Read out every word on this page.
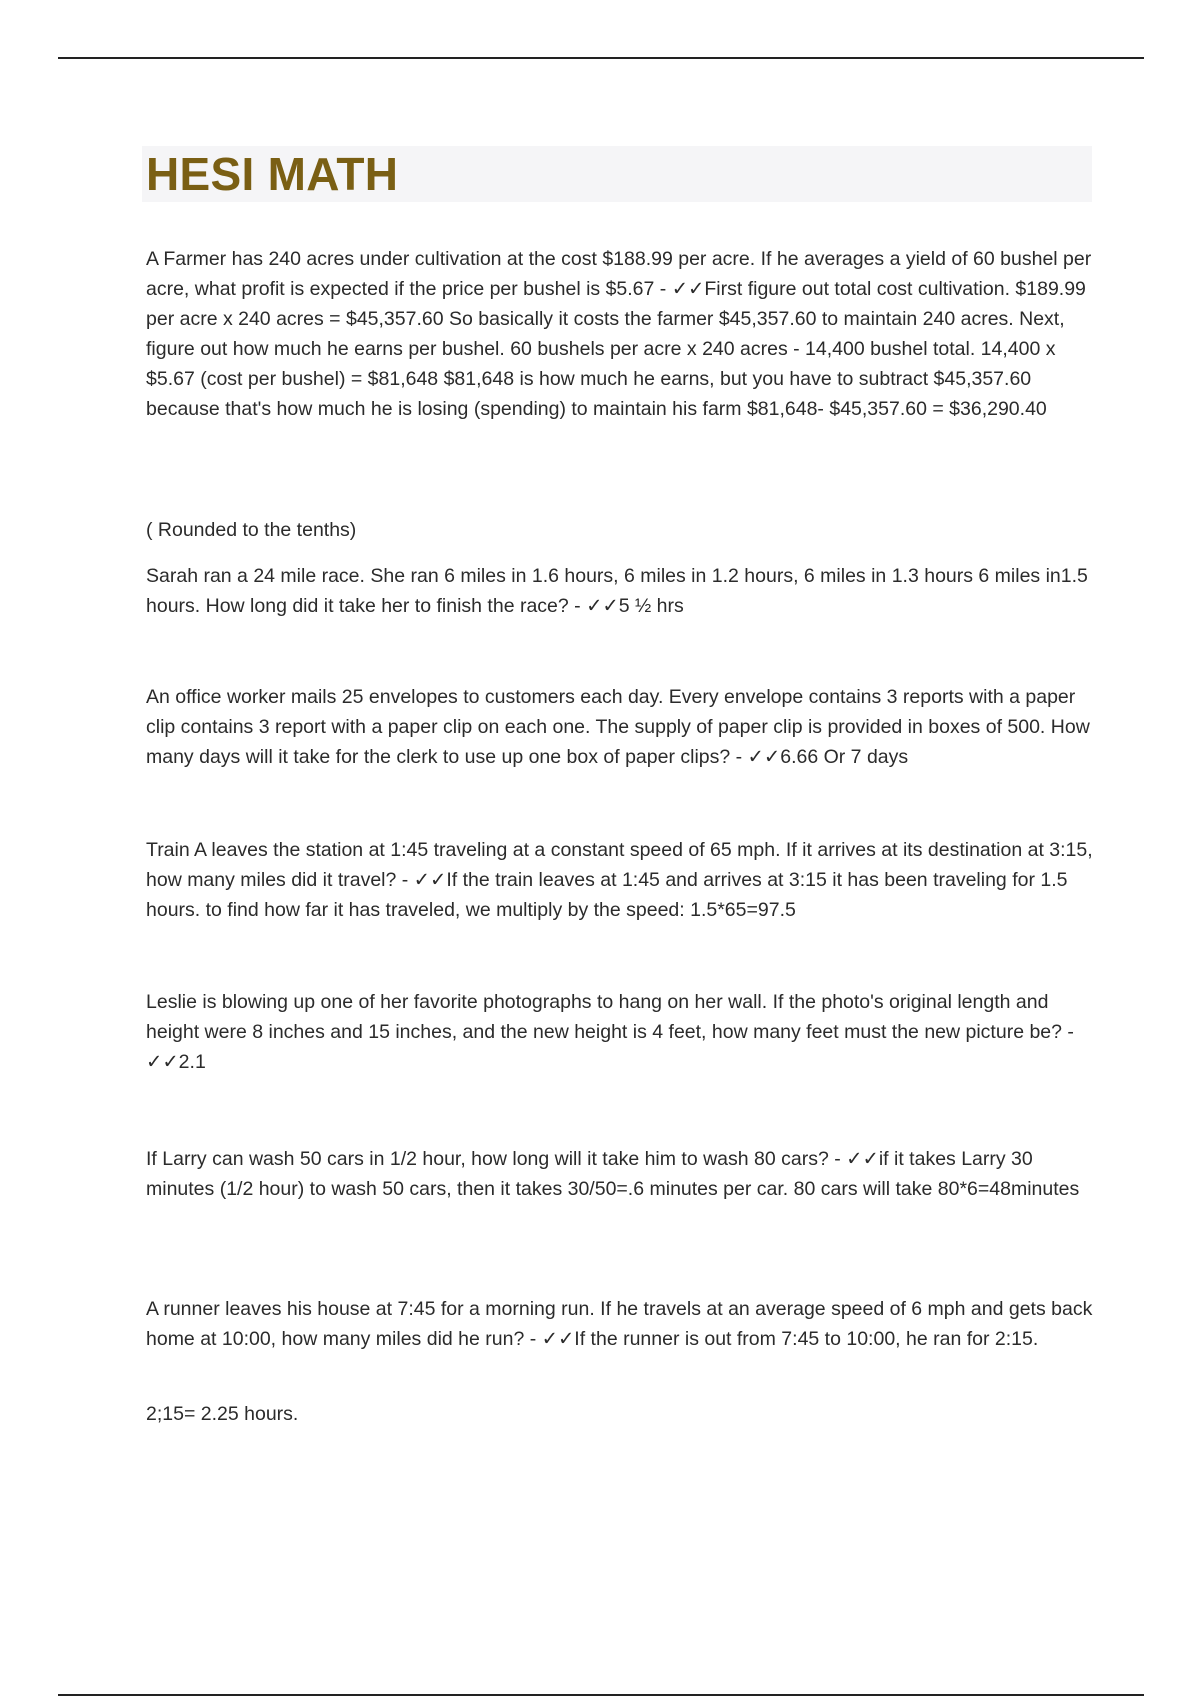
HESI MATH

A Farmer has 240 acres under cultivation at the cost $188.99 per acre. If he averages a yield of 60 bushel per acre, what profit is expected if the price per bushel is $5.67 - ✓✓First figure out total cost cultivation. $189.99 per acre x 240 acres = $45,357.60 So basically it costs the farmer $45,357.60 to maintain 240 acres. Next, figure out how much he earns per bushel. 60 bushels per acre x 240 acres - 14,400 bushel total. 14,400 x $5.67 (cost per bushel) = $81,648 $81,648 is how much he earns, but you have to subtract $45,357.60 because that's how much he is losing (spending) to maintain his farm $81,648- $45,357.60 = $36,290.40

( Rounded to the tenths)

Sarah ran a 24 mile race. She ran 6 miles in 1.6 hours, 6 miles in 1.2 hours, 6 miles in 1.3 hours 6 miles in1.5 hours. How long did it take her to finish the race? - ✓✓5 ½ hrs

An office worker mails 25 envelopes to customers each day. Every envelope contains 3 reports with a paper clip contains 3 report with a paper clip on each one. The supply of paper clip is provided in boxes of 500. How many days will it take for the clerk to use up one box of paper clips? - ✓✓6.66 Or 7 days

Train A leaves the station at 1:45 traveling at a constant speed of 65 mph. If it arrives at its destination at 3:15, how many miles did it travel? - ✓✓If the train leaves at 1:45 and arrives at 3:15 it has been traveling for 1.5 hours. to find how far it has traveled, we multiply by the speed: 1.5*65=97.5

Leslie is blowing up one of her favorite photographs to hang on her wall. If the photo's original length and height were 8 inches and 15 inches, and the new height is 4 feet, how many feet must the new picture be? - ✓✓2.1

If Larry can wash 50 cars in 1/2 hour, how long will it take him to wash 80 cars? - ✓✓if it takes Larry 30 minutes (1/2 hour) to wash 50 cars, then it takes 30/50=.6 minutes per car. 80 cars will take 80*6=48minutes

A runner leaves his house at 7:45 for a morning run. If he travels at an average speed of 6 mph and gets back home at 10:00, how many miles did he run? - ✓✓If the runner is out from 7:45 to 10:00, he ran for 2:15.

2;15= 2.25 hours.
